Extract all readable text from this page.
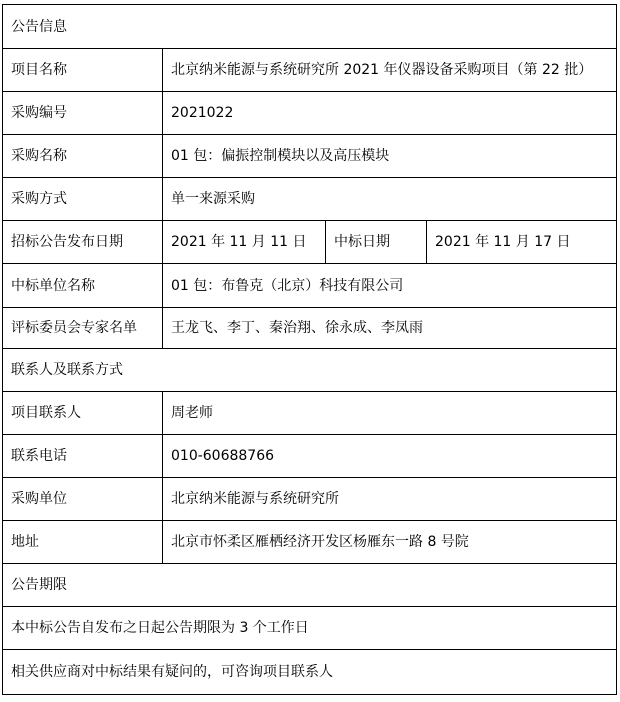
公告信息			
项目名称	北京纳米能源与系统研究所 2021 年仪器设备采购项目（第 22 批）		
采购编号	2021022		
采购名称	01 包：偏振控制模块以及高压模块		
采购方式	单一来源采购		
招标公告发布日期	2021 年 11 月 11 日	中标日期	2021 年 11 月 17 日
中标单位名称	01 包：布鲁克（北京）科技有限公司		
评标委员会专家名单	王龙飞、李丁、秦治翔、徐永成、李凤雨		
联系人及联系方式			
项目联系人	周老师		
联系电话	010-60688766		
采购单位	北京纳米能源与系统研究所		
地址	北京市怀柔区雁栖经济开发区杨雁东一路 8 号院		
公告期限			
本中标公告自发布之日起公告期限为 3 个工作日			
相关供应商对中标结果有疑问的，可咨询项目联系人			
